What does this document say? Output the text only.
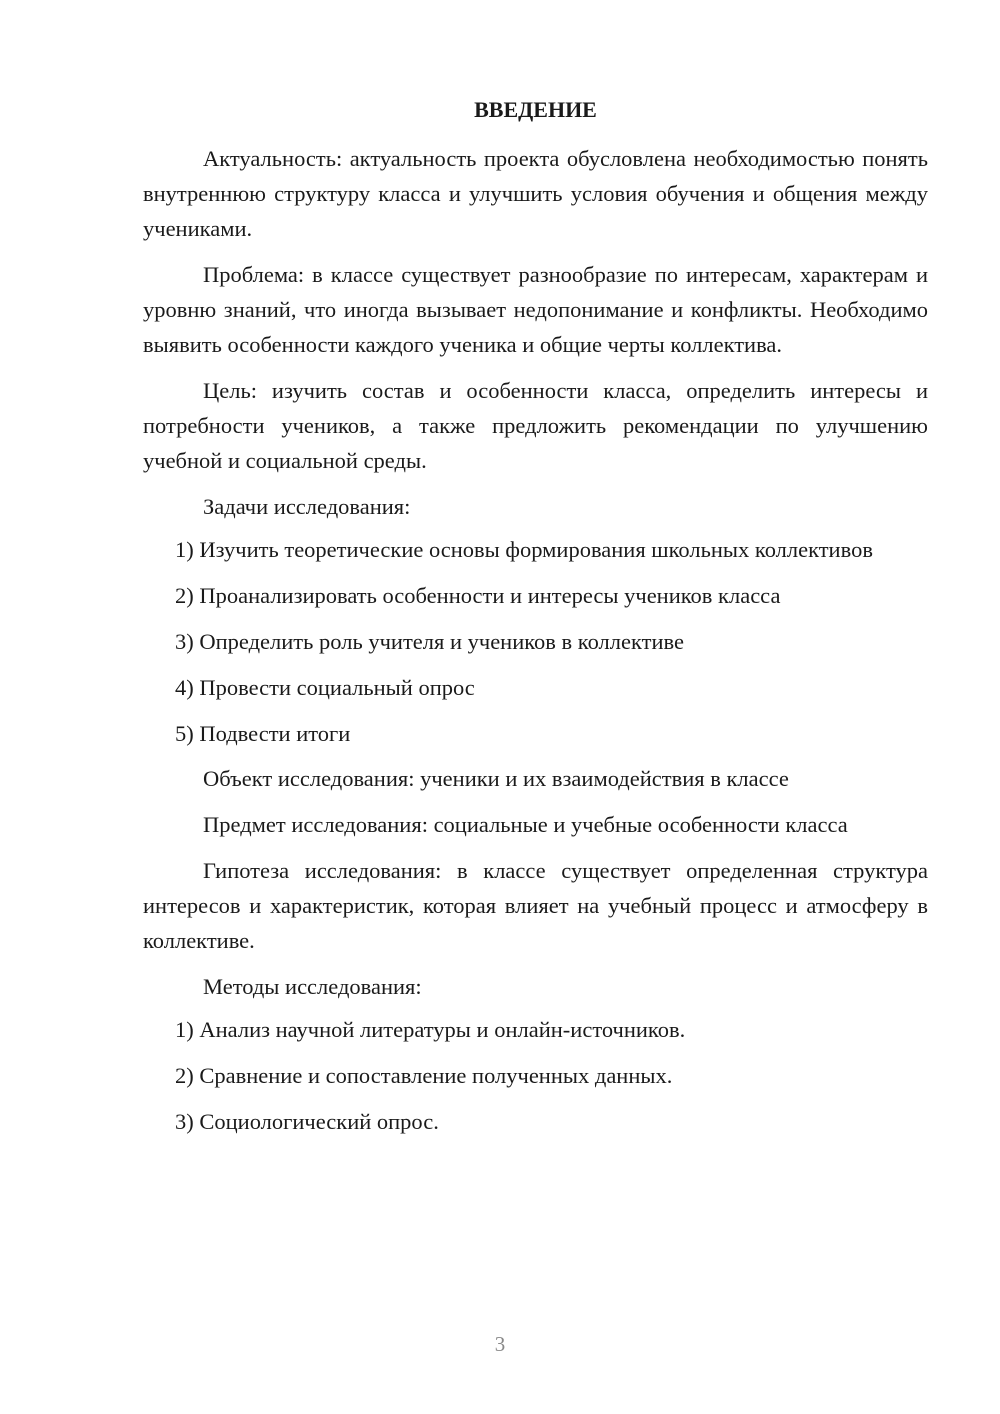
ВВЕДЕНИЕ

Актуальность: актуальность проекта обусловлена необходимостью понять внутреннюю структуру класса и улучшить условия обучения и общения между учениками.

Проблема: в классе существует разнообразие по интересам, характерам и уровню знаний, что иногда вызывает недопонимание и конфликты. Необходимо выявить особенности каждого ученика и общие черты коллектива.

Цель: изучить состав и особенности класса, определить интересы и потребности учеников, а также предложить рекомендации по улучшению учебной и социальной среды.

Задачи исследования:

1) Изучить теоретические основы формирования школьных коллективов

2) Проанализировать особенности и интересы учеников класса

3) Определить роль учителя и учеников в коллективе

4) Провести социальный опрос

5) Подвести итоги

Объект исследования: ученики и их взаимодействия в классе

Предмет исследования: социальные и учебные особенности класса

Гипотеза исследования: в классе существует определенная структура интересов и характеристик, которая влияет на учебный процесс и атмосферу в коллективе.

Методы исследования:

1) Анализ научной литературы и онлайн-источников.

2) Сравнение и сопоставление полученных данных.

3) Социологический опрос.

3
